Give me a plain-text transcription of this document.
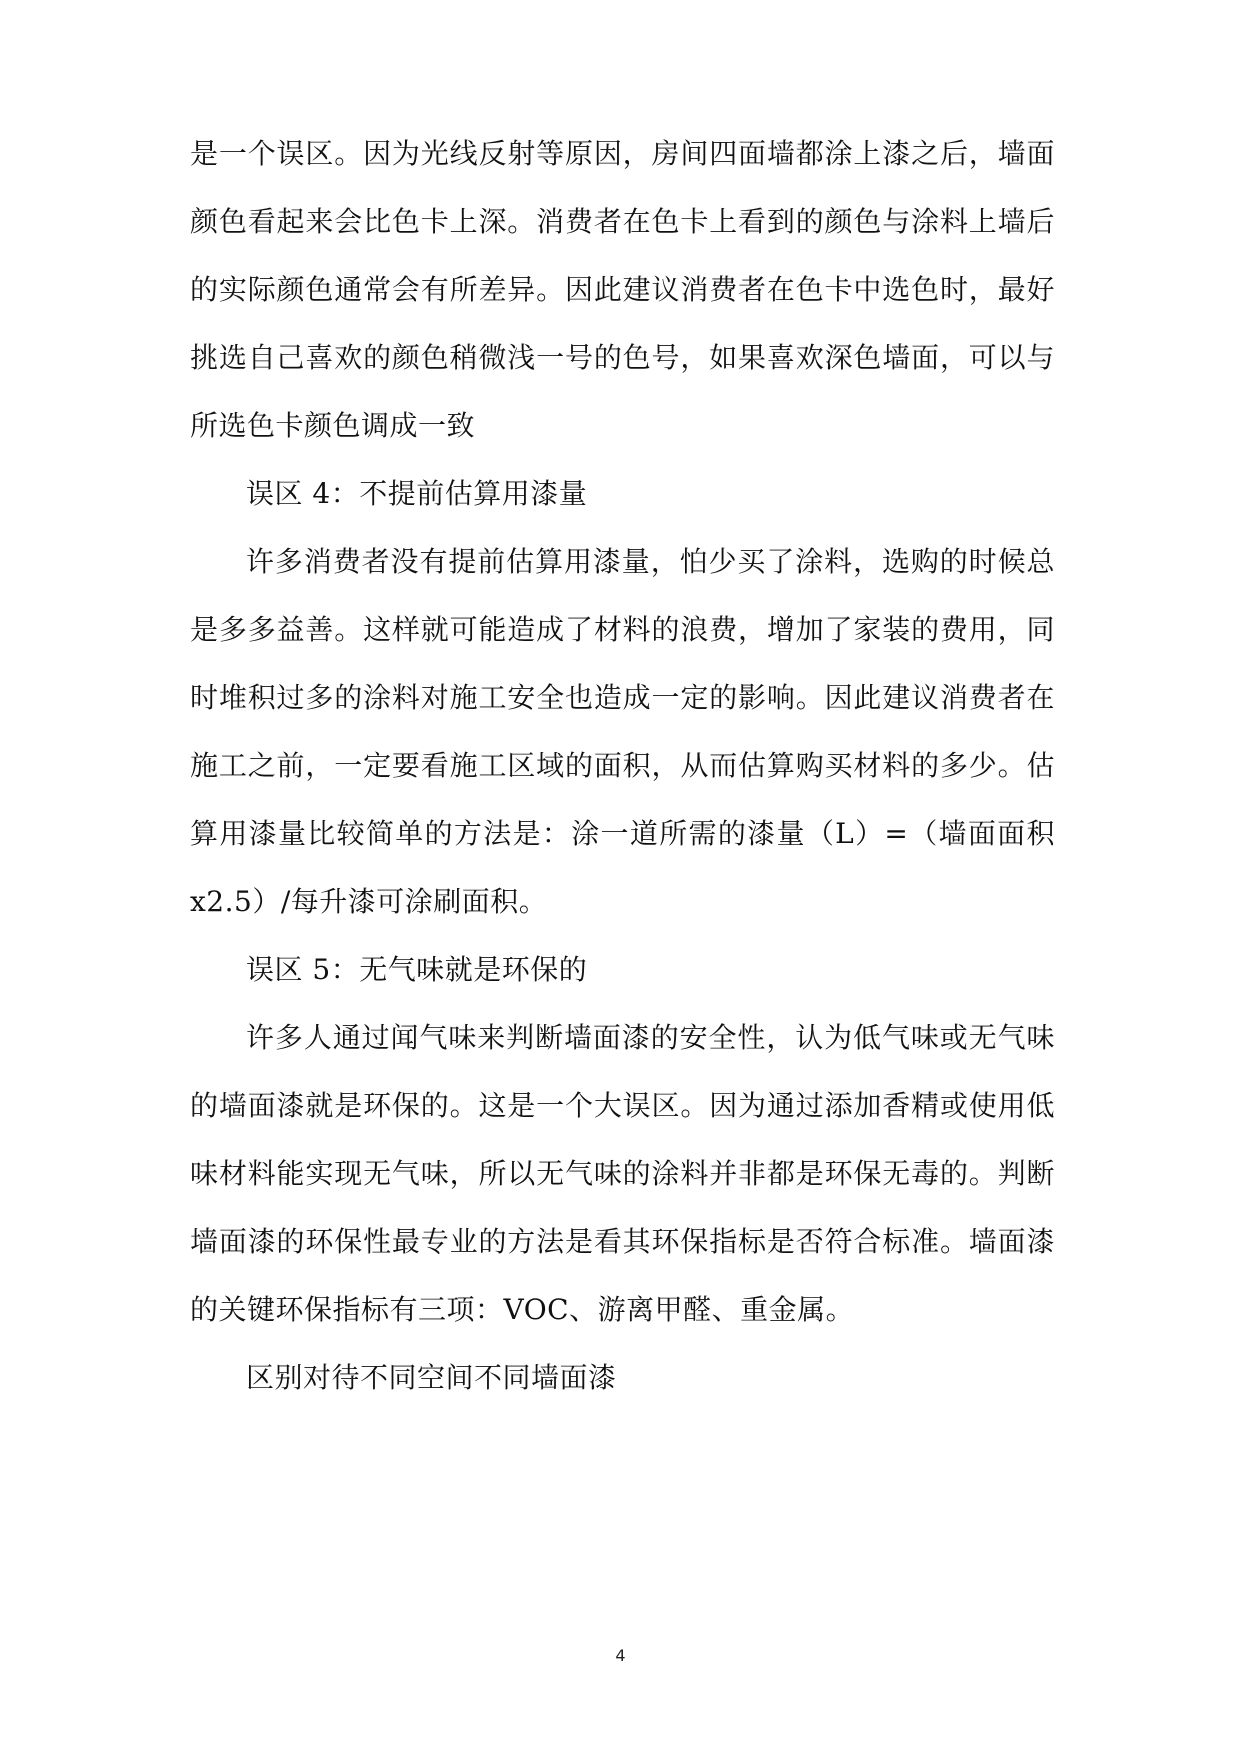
是一个误区。因为光线反射等原因，房间四面墙都涂上漆之后，墙面
颜色看起来会比色卡上深。消费者在色卡上看到的颜色与涂料上墙后
的实际颜色通常会有所差异。因此建议消费者在色卡中选色时，最好
挑选自己喜欢的颜色稍微浅一号的色号，如果喜欢深色墙面，可以与
所选色卡颜色调成一致
误区 4：不提前估算用漆量
许多消费者没有提前估算用漆量，怕少买了涂料，选购的时候总
是多多益善。这样就可能造成了材料的浪费，增加了家装的费用，同
时堆积过多的涂料对施工安全也造成一定的影响。因此建议消费者在
施工之前，一定要看施工区域的面积，从而估算购买材料的多少。估
算用漆量比较简单的方法是：涂一道所需的漆量（L）=（墙面面积
x2.5）/每升漆可涂刷面积。
误区 5：无气味就是环保的
许多人通过闻气味来判断墙面漆的安全性，认为低气味或无气味
的墙面漆就是环保的。这是一个大误区。因为通过添加香精或使用低
味材料能实现无气味，所以无气味的涂料并非都是环保无毒的。判断
墙面漆的环保性最专业的方法是看其环保指标是否符合标准。墙面漆
的关键环保指标有三项：VOC、游离甲醛、重金属。
区别对待不同空间不同墙面漆
4
